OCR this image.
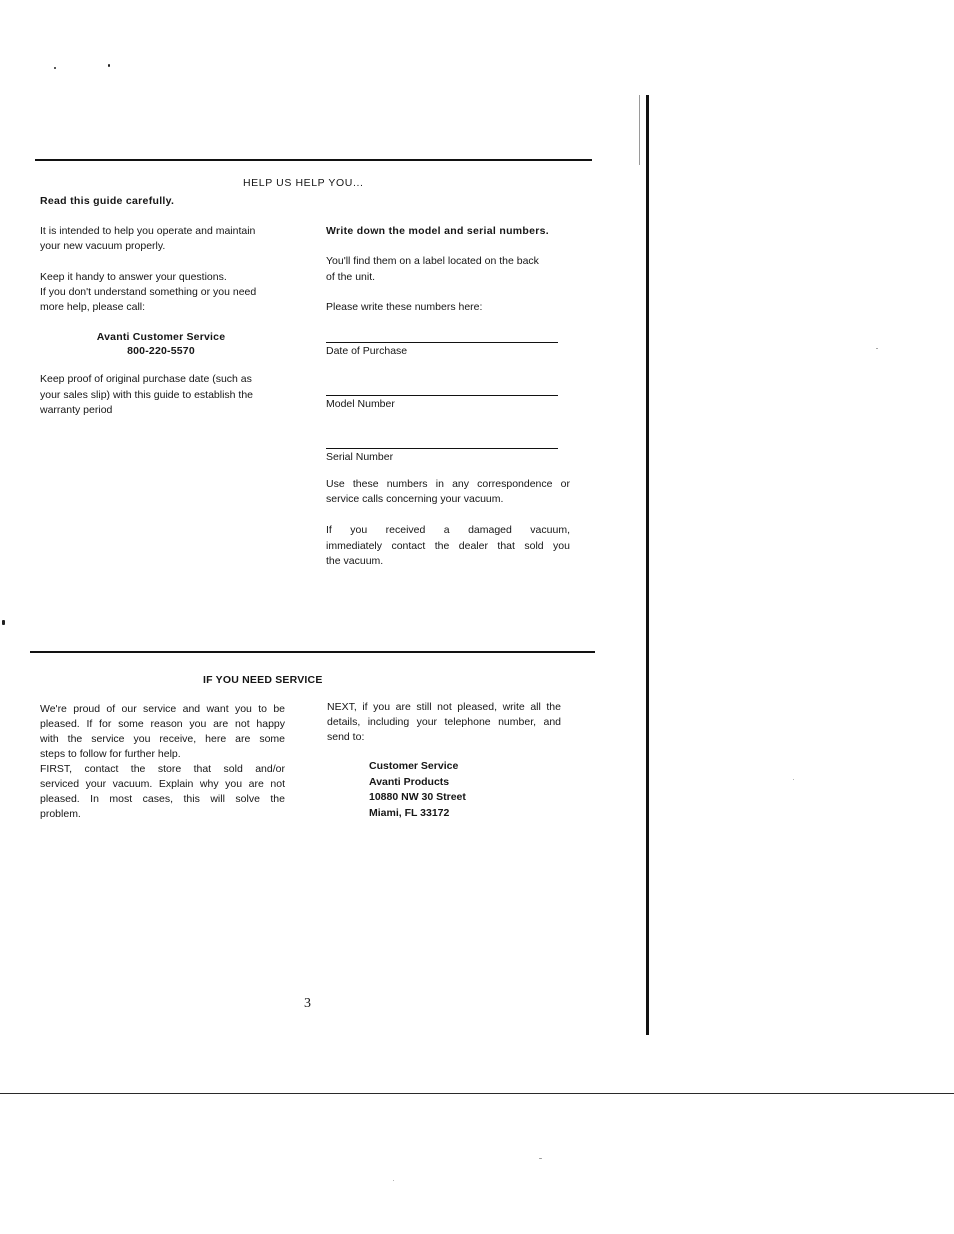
HELP US HELP YOU...
Read this guide carefully.
It is intended to help you operate and maintain
your new vacuum properly.
Keep it handy to answer your questions.
If you don't understand something or you need
more help, please call:
Avanti Customer Service
800-220-5570
Keep proof of original purchase date (such as
your sales slip) with this guide to establish the
warranty period
Write down the model and serial numbers.
You'll find them on a label located on the back
of the unit.
Please write these numbers here:
Date of Purchase
Model Number
Serial Number
Use these numbers in any correspondence or
service calls concerning your vacuum.
If you received a damaged vacuum,
immediately contact the dealer that sold you
the vacuum.
IF YOU NEED SERVICE
We're proud of our service and want you to be
pleased. If for some reason you are not happy
with the service you receive, here are some
steps to follow for further help.
FIRST, contact the store that sold and/or
serviced your vacuum. Explain why you are not
pleased. In most cases, this will solve the
problem.
NEXT, if you are still not pleased, write all the
details, including your telephone number, and
send to:
Customer Service
Avanti Products
10880 NW 30 Street
Miami, FL 33172
3
